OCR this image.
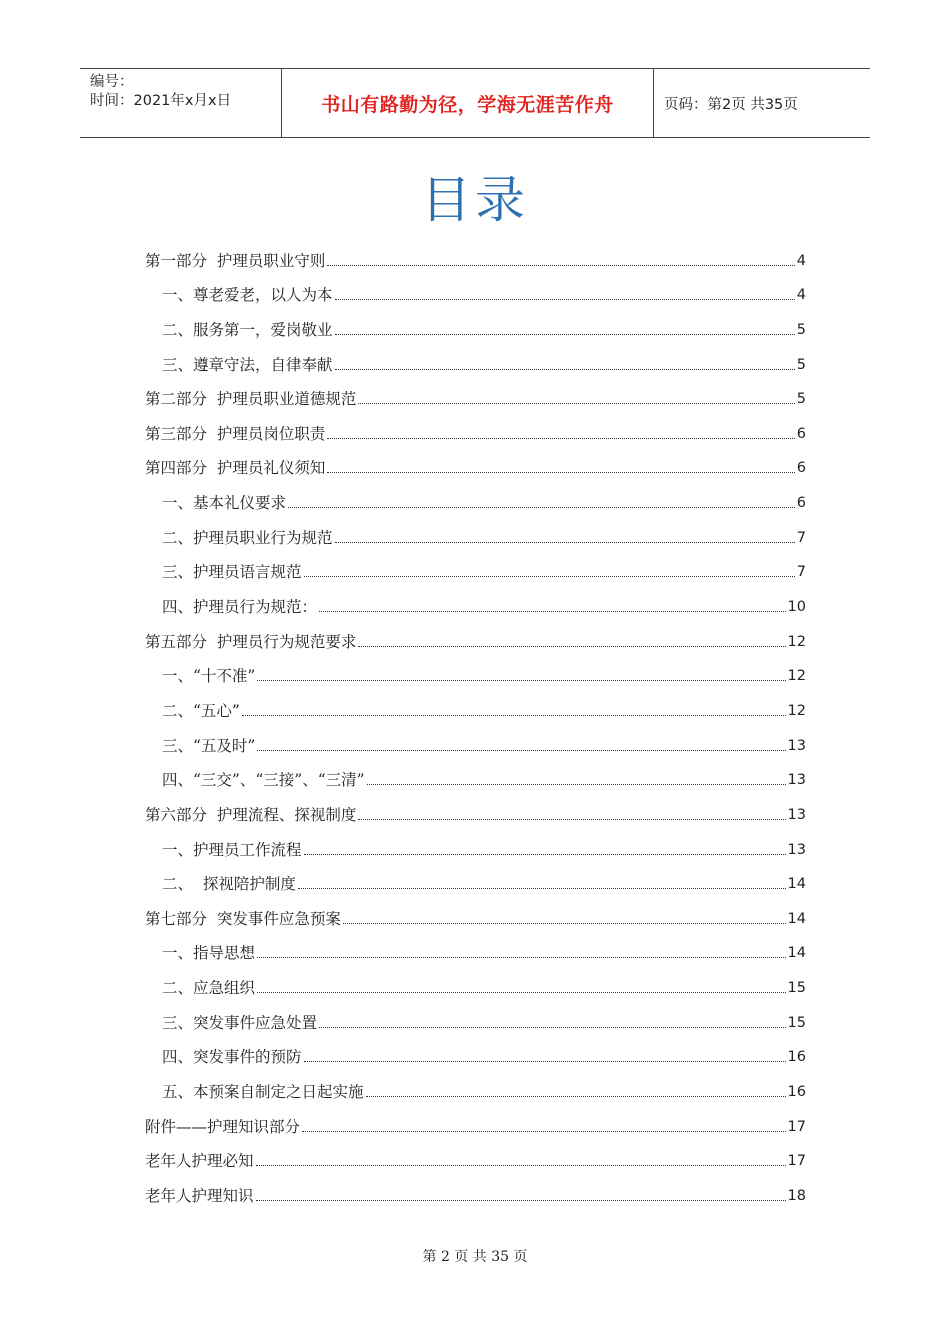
编号：
时间：2021年x月x日	书山有路勤为径，学海无涯苦作舟	页码：第2页 共35页
目录
第一部分  护理员职业守则	4
一、尊老爱老，以人为本	4
二、服务第一，爱岗敬业	5
三、遵章守法，自律奉献	5
第二部分  护理员职业道德规范	5
第三部分  护理员岗位职责	6
第四部分  护理员礼仪须知	6
一、基本礼仪要求	6
二、护理员职业行为规范	7
三、护理员语言规范	7
四、护理员行为规范：	10
第五部分  护理员行为规范要求	12
一、“十不准”	12
二、“五心”	12
三、“五及时”	13
四、“三交”、“三接”、“三清”	13
第六部分  护理流程、探视制度	13
一、护理员工作流程	13
二、  探视陪护制度	14
第七部分  突发事件应急预案	14
一、指导思想	14
二、应急组织	15
三、突发事件应急处置	15
四、突发事件的预防	16
五、本预案自制定之日起实施	16
附件——护理知识部分	17
老年人护理必知	17
老年人护理知识	18
第 2 页 共 35 页
